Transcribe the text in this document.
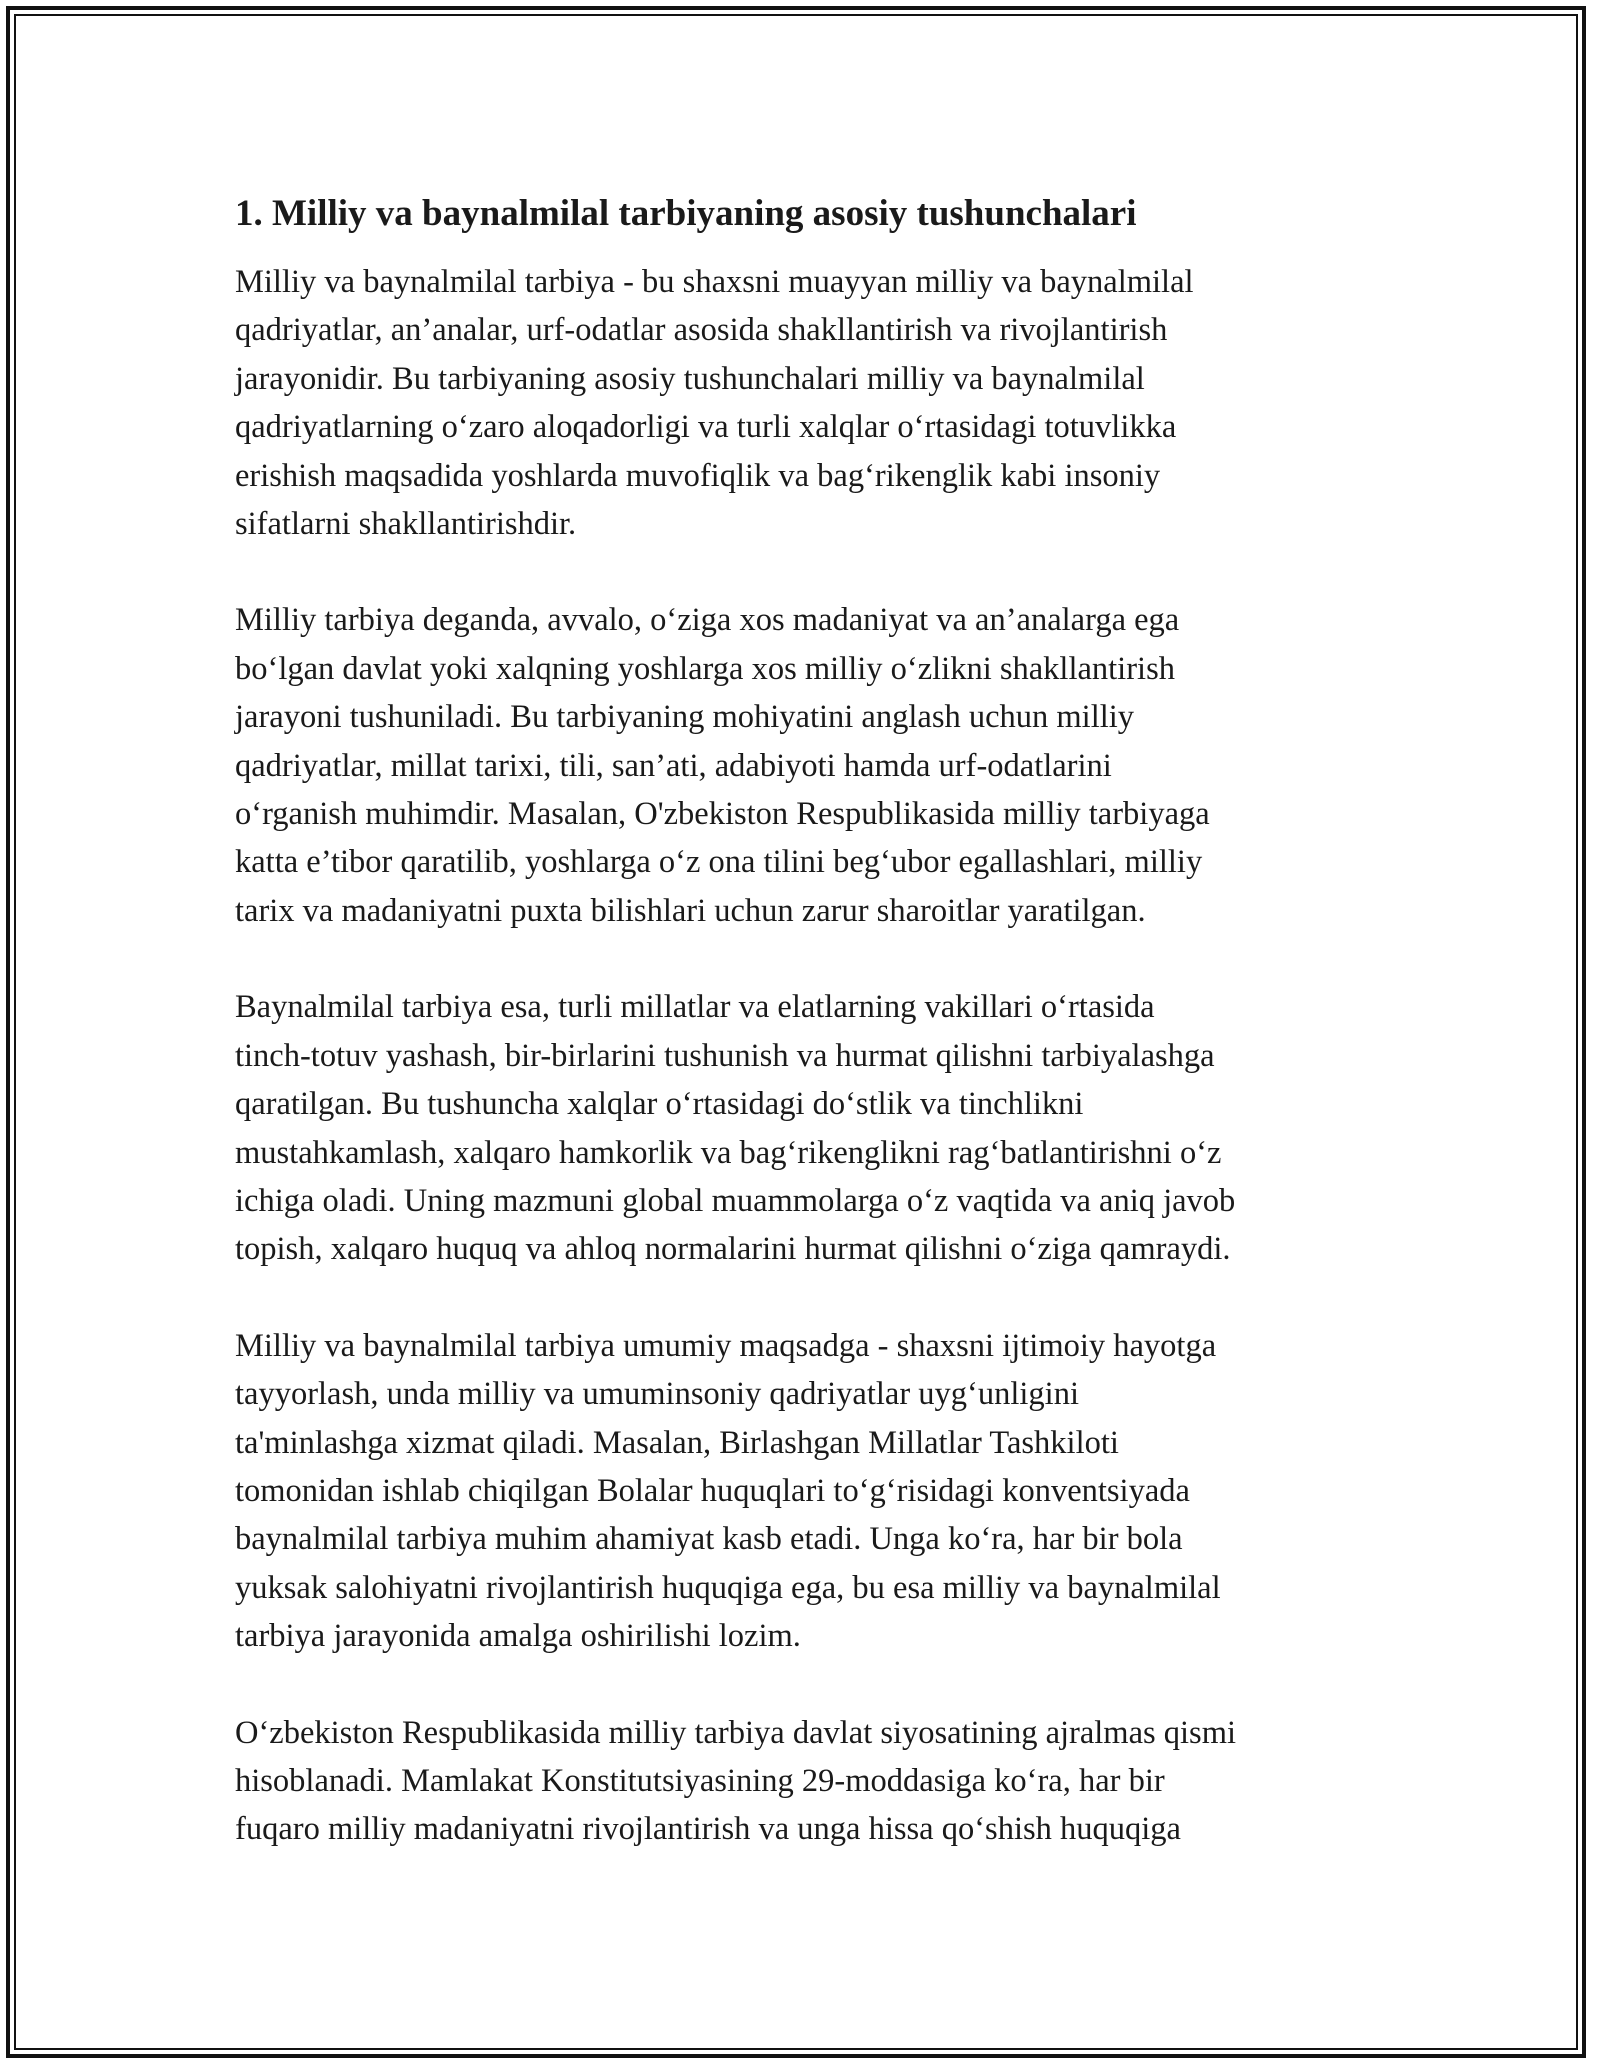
1. Milliy va baynalmilal tarbiyaning asosiy tushunchalari

Milliy va baynalmilal tarbiya - bu shaxsni muayyan milliy va baynalmilal
qadriyatlar, an’analar, urf-odatlar asosida shakllantirish va rivojlantirish
jarayonidir. Bu tarbiyaning asosiy tushunchalari milliy va baynalmilal
qadriyatlarning o‘zaro aloqadorligi va turli xalqlar o‘rtasidagi totuvlikka
erishish maqsadida yoshlarda muvofiqlik va bag‘rikenglik kabi insoniy
sifatlarni shakllantirishdir.

Milliy tarbiya deganda, avvalo, o‘ziga xos madaniyat va an’analarga ega
bo‘lgan davlat yoki xalqning yoshlarga xos milliy o‘zlikni shakllantirish
jarayoni tushuniladi. Bu tarbiyaning mohiyatini anglash uchun milliy
qadriyatlar, millat tarixi, tili, san’ati, adabiyoti hamda urf-odatlarini
o‘rganish muhimdir. Masalan, O'zbekiston Respublikasida milliy tarbiyaga
katta e’tibor qaratilib, yoshlarga o‘z ona tilini beg‘ubor egallashlari, milliy
tarix va madaniyatni puxta bilishlari uchun zarur sharoitlar yaratilgan.

Baynalmilal tarbiya esa, turli millatlar va elatlarning vakillari o‘rtasida
tinch-totuv yashash, bir-birlarini tushunish va hurmat qilishni tarbiyalashga
qaratilgan. Bu tushuncha xalqlar o‘rtasidagi do‘stlik va tinchlikni
mustahkamlash, xalqaro hamkorlik va bag‘rikenglikni rag‘batlantirishni o‘z
ichiga oladi. Uning mazmuni global muammolarga o‘z vaqtida va aniq javob
topish, xalqaro huquq va ahloq normalarini hurmat qilishni o‘ziga qamraydi.

Milliy va baynalmilal tarbiya umumiy maqsadga - shaxsni ijtimoiy hayotga
tayyorlash, unda milliy va umuminsoniy qadriyatlar uyg‘unligini
ta'minlashga xizmat qiladi. Masalan, Birlashgan Millatlar Tashkiloti
tomonidan ishlab chiqilgan Bolalar huquqlari to‘g‘risidagi konventsiyada
baynalmilal tarbiya muhim ahamiyat kasb etadi. Unga ko‘ra, har bir bola
yuksak salohiyatni rivojlantirish huquqiga ega, bu esa milliy va baynalmilal
tarbiya jarayonida amalga oshirilishi lozim.

O‘zbekiston Respublikasida milliy tarbiya davlat siyosatining ajralmas qismi
hisoblanadi. Mamlakat Konstitutsiyasining 29-moddasiga ko‘ra, har bir
fuqaro milliy madaniyatni rivojlantirish va unga hissa qo‘shish huquqiga
